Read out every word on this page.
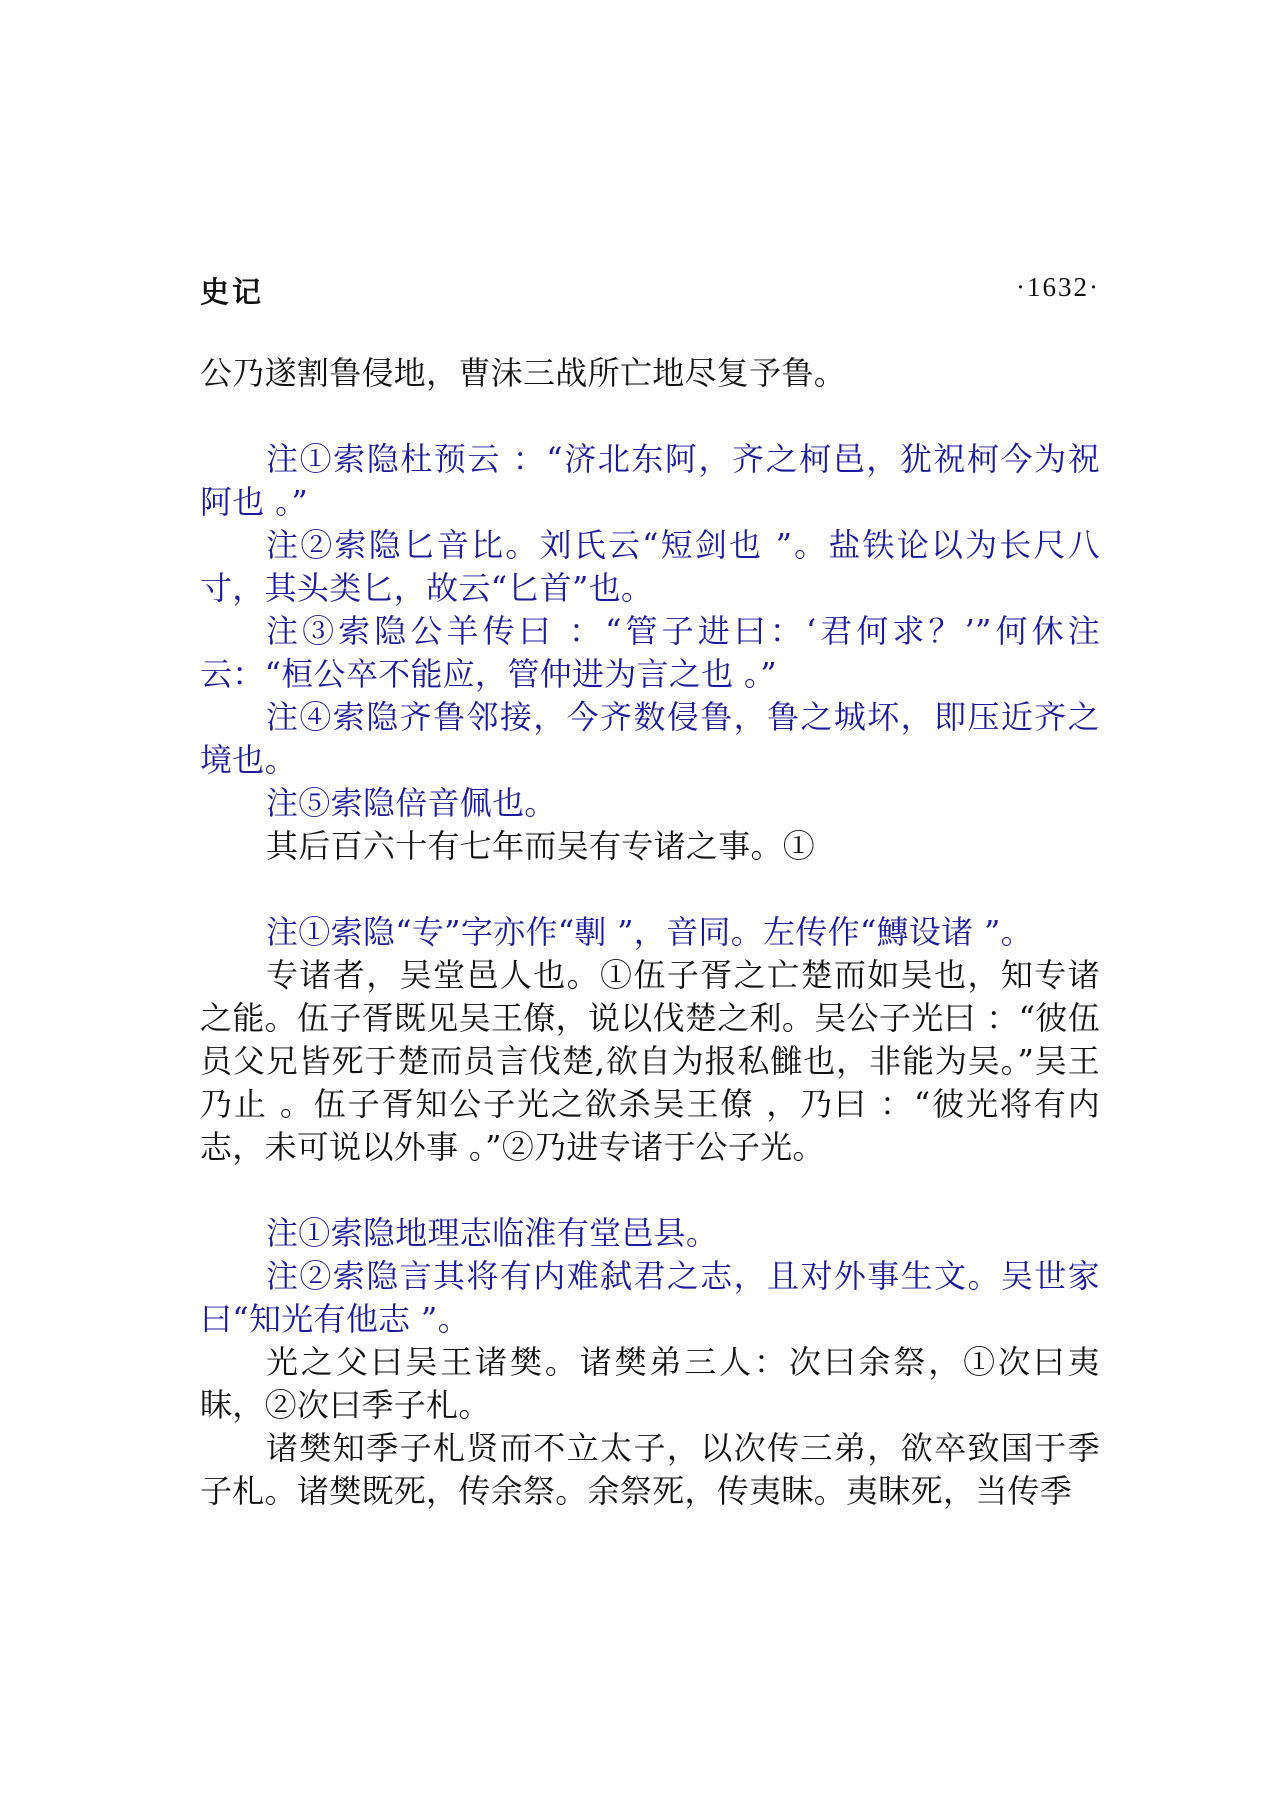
史记	·1632·

公乃遂割鲁侵地，曹沬三战所亡地尽复予鲁。

注①索隐杜预云 ：“济北东阿，齐之柯邑，犹祝柯今为祝阿也 。”

注②索隐匕音比。刘氏云“短剑也 ”。盐铁论以为长尺八寸，其头类匕，故云“匕首”也。

注③索隐公羊传曰 ：“管子进曰：‘君何求？’”何休注云：“桓公卒不能应，管仲进为言之也 。”

注④索隐齐鲁邻接，今齐数侵鲁，鲁之城坏，即压近齐之境也。

注⑤索隐倍音佩也。

其后百六十有七年而吴有专诸之事。①

注①索隐“专”字亦作“剸 ”，音同。左传作“鱄设诸 ”。

专诸者，吴堂邑人也。①伍子胥之亡楚而如吴也，知专诸之能。伍子胥既见吴王僚，说以伐楚之利。吴公子光曰 ：“彼伍员父兄皆死于楚而员言伐楚,欲自为报私雠也，非能为吴。”吴王乃止 。伍子胥知公子光之欲杀吴王僚 ，乃曰 ：“彼光将有内志，未可说以外事 。”②乃进专诸于公子光。

注①索隐地理志临淮有堂邑县。

注②索隐言其将有内难弑君之志，且对外事生文。吴世家曰“知光有他志 ”。

光之父曰吴王诸樊。诸樊弟三人：次曰余祭，①次曰夷眜，②次曰季子札。

诸樊知季子札贤而不立太子，以次传三弟，欲卒致国于季子札。诸樊既死，传余祭。余祭死，传夷眜。夷眜死，当传季
